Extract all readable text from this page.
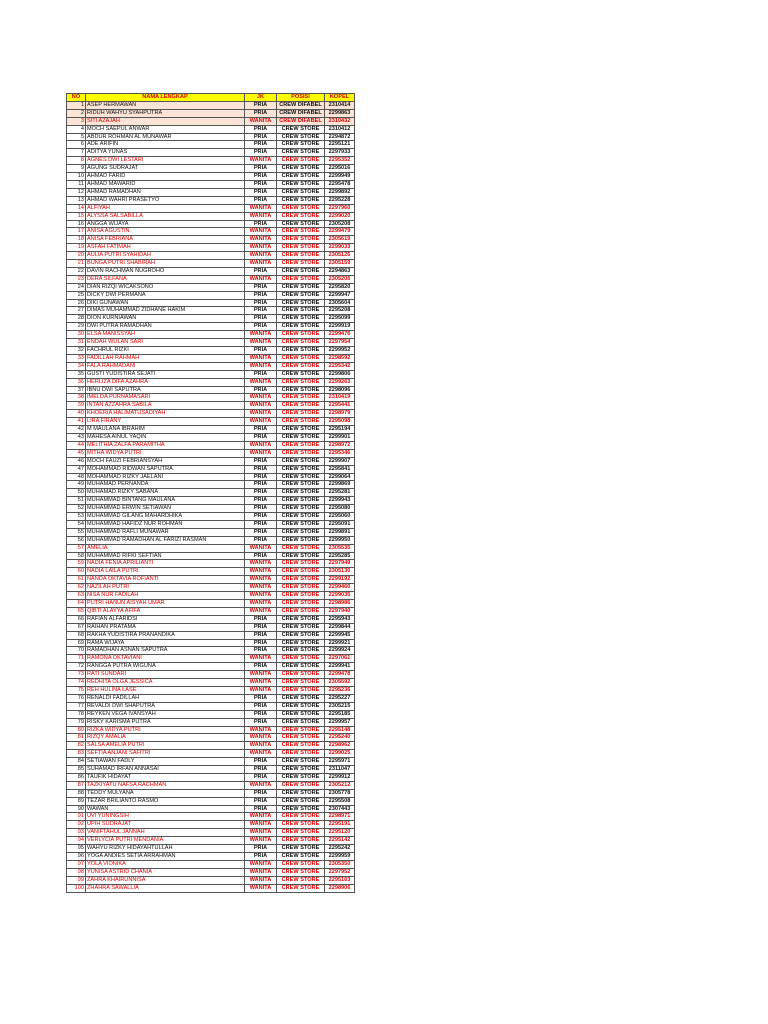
NO	NAMA LENGKAP	JK	POSISI	KOPEL
1	ASEP HERMAWAN	PRIA	CREW DIFABEL	2310414
2	RIDUH WAHYU SYAHPUTRA	PRIA	CREW DIFABEL	2299863
3	SITI AZAJAH	WANITA	CREW DIFABEL	2310432
4	MOCH SAEPUL ANWAR	PRIA	CREW STORE	2310412
5	ABDUR ROHMAN AL MUNAWAR	PRIA	CREW STORE	2294872
6	ADE ARIFIN	PRIA	CREW STORE	2295121
7	ADITYA YUNAS	PRIA	CREW STORE	2297933
8	AGNES DWI LESTARI	WANITA	CREW STORE	2295352
9	AGUNG SUDRAJAT	PRIA	CREW STORE	2295016
10	AHMAD FARID	PRIA	CREW STORE	2299949
11	AHMAD MAWARID	PRIA	CREW STORE	2295478
12	AHMAD RAMADHAN	PRIA	CREW STORE	2299892
13	AHMAD WAHRI PRASETYO	PRIA	CREW STORE	2295228
14	ALFIYAH	WANITA	CREW STORE	2297960
15	ALYSSA SALSABILLA	WANITA	CREW STORE	2299020
16	ANGGA WIJAYA	PRIA	CREW STORE	2305208
17	ANISA AGUSTIN	WANITA	CREW STORE	2299479
18	ANISA FEBRIANA	WANITA	CREW STORE	2305619
19	ASFAH FATIMAH	WANITA	CREW STORE	2299033
20	AULIA PUTRI SYAHIDAH	WANITA	CREW STORE	2305126
21	BUNGA PUTRI SHABIRAH	WANITA	CREW STORE	2305159
22	DAVIN RACHMAN NUGROHO	PRIA	CREW STORE	2294863
23	DERA SILFANA	WANITA	CREW STORE	2305206
24	DIAN RIZQI WICAKSONO	PRIA	CREW STORE	2295820
25	DICKY DWI PERMANA	PRIA	CREW STORE	2299947
26	DIKI GUNAWAN	PRIA	CREW STORE	2305604
27	DIMAS MUHAMMAD ZIDHANE HAKIM	PRIA	CREW STORE	2295208
28	DION KURNIAWAN	PRIA	CREW STORE	2295099
29	DWI PUTRA RAMADHAN	PRIA	CREW STORE	2299919
30	ELSA MANISSYAH	WANITA	CREW STORE	2299476
31	ENDAH WULAN SARI	WANITA	CREW STORE	2297954
32	FACHRUL RIZKI	PRIA	CREW STORE	2299952
33	FADILLAH RAHMAH	WANITA	CREW STORE	2298592
34	FALA RAHMADANI	WANITA	CREW STORE	2295342
35	GUSTI YUDISTIRA SEJATI	PRIA	CREW STORE	2299806
36	HERLIZA DIFA AZAHRA	WANITA	CREW STORE	2299263
37	IBNU DWI SAPUTRA	PRIA	CREW STORE	2298096
38	IMELDA PURNAMASARI	WANITA	CREW STORE	2310419
39	INTAN AZZAHRA SABILA	WANITA	CREW STORE	2295441
40	KHOERIA HALIMATUSADIYAH	WANITA	CREW STORE	2298979
41	LIRA FIRANY	WANITA	CREW STORE	2295098
42	M MAULANA IBRAHIM	PRIA	CREW STORE	2295194
43	MAHESA AINUL YAQIN	PRIA	CREW STORE	2299901
44	MELITHIA ZALFA PARAMITHA	WANITA	CREW STORE	2298972
45	MITHA WIDYA PUTRI	WANITA	CREW STORE	2295346
46	MOCH FAUZI FEBRIANSYAH	PRIA	CREW STORE	2299907
47	MOHAMMAD RIDWAN SAPUTRA	PRIA	CREW STORE	2295841
48	MOHAMMAD RIZKY JAELANI	PRIA	CREW STORE	2299064
49	MUHAMAD PERNANDA	PRIA	CREW STORE	2299869
50	MUHAMAD RIZKY SABANA	PRIA	CREW STORE	2295281
51	MUHAMMAD BINTANG MAULANA	PRIA	CREW STORE	2299943
52	MUHAMMAD ERWIN SETIAWAN	PRIA	CREW STORE	2295080
53	MUHAMMAD GILANG MAHARDHIKA	PRIA	CREW STORE	2295060
54	MUHAMMAD HAFIDZ NUR ROHMAN	PRIA	CREW STORE	2295091
55	MUHAMMAD RAFLI MUNAWAR	PRIA	CREW STORE	2299891
56	MUHAMMAD RAMADHAN AL FARIZI RASMAN	PRIA	CREW STORE	2299950
57	AMELIA	WANITA	CREW STORE	2305535
58	MUHAMMAD RIFKI SEFTIAN	PRIA	CREW STORE	2295285
59	NADIA FENIA APRILIANTI	WANITA	CREW STORE	2297949
60	NADIA LAILA PUTRI	WANITA	CREW STORE	2305130
61	NANDA OKTAVIA ROFIANTI	WANITA	CREW STORE	2299192
62	NAZILAH PUTRI	WANITA	CREW STORE	2299460
63	NISA NUR FADILAH	WANITA	CREW STORE	2299035
64	PUTRI HANUN AISYAH UMAR	WANITA	CREW STORE	2298986
65	QIBTI ALAYYA AFIFA	WANITA	CREW STORE	2297940
66	RAFIAN ALFARIDSI	PRIA	CREW STORE	2295943
67	RAIHAN PRATAMA	PRIA	CREW STORE	2299844
68	RAKHA YUDISTIRA PRANANDIKA	PRIA	CREW STORE	2299945
69	RAMA WIJAYA	PRIA	CREW STORE	2299921
70	RAMADHAN ASNAN SAPUTRA	PRIA	CREW STORE	2299924
71	RAMONA OKTAVIANI	WANITA	CREW STORE	2297061
72	RANGGA PUTRA WIGUNA	PRIA	CREW STORE	2299941
73	RATI SUNDARI	WANITA	CREW STORE	2299478
74	REDHITA OLGA JESSICA	WANITA	CREW STORE	2305592
75	REH HULINA LASE	WANITA	CREW STORE	2295236
76	RENALDI FADILLAH	PRIA	CREW STORE	2295227
77	REVALDI DWI SHAPUTRA	PRIA	CREW STORE	2305215
78	REYKEN VEGA IVANSYAH	PRIA	CREW STORE	2295185
79	RISKY KARISMA PUTRA	PRIA	CREW STORE	2299957
80	RIZKA WIDYA PUTRI	WANITA	CREW STORE	2295148
81	RIZQY AMALIA	WANITA	CREW STORE	2295240
82	SALSA AMELIA PUTRI	WANITA	CREW STORE	2298962
83	SEFTIA ANJANI SAFITRI	WANITA	CREW STORE	2299025
84	SETIAWAN FADLY	PRIA	CREW STORE	2295971
85	SUHAMAD IRFAN ANNASAI	PRIA	CREW STORE	2311047
86	TAUFIK HIDAYAT	PRIA	CREW STORE	2299912
87	TAZKIYATU NAFSA RACHMAN	WANITA	CREW STORE	2305212
88	TEDDY MULYANA	PRIA	CREW STORE	2305778
89	TEZAR BRILIANTO RASMO	PRIA	CREW STORE	2295508
90	WAWAN	PRIA	CREW STORE	2307443
91	UVI YUNINGSIH	WANITA	CREW STORE	2298971
92	UPIH SUDRAJAT	WANITA	CREW STORE	2295191
93	VANIFTAHUL JANNAH	WANITA	CREW STORE	2295120
94	VERLYCIA PUTRI MENDANIA	WANITA	CREW STORE	2295142
95	WAHYU RIZKY HIDAYAHTULLAH	PRIA	CREW STORE	2295242
96	YOGA ANDIES SETIA ARRAHMAN	PRIA	CREW STORE	2299959
97	YOLA VIONIKA	WANITA	CREW STORE	2305350
98	YUNISA ASTRID CHANIA	WANITA	CREW STORE	2297952
99	ZAHRA KHAIRUNNISA	WANITA	CREW STORE	2295103
100	ZHAHRA SAWALLIA	WANITA	CREW STORE	2298906
